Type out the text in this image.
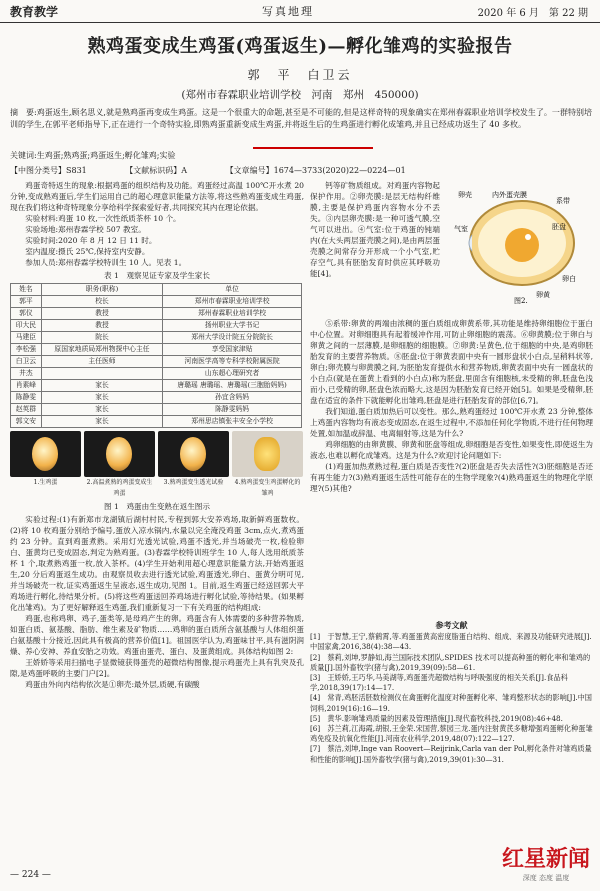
教育教学	写真地理	2020 年 6 月　第 22 期
熟鸡蛋变成生鸡蛋(鸡蛋返生)—孵化雏鸡的实验报告
郭　平　白卫云
(郑州市春霖职业培训学校　河南　郑州　450000)
摘　要:鸡蛋返生,顾名思义,就是熟鸡蛋再变成生鸡蛋。这是一个很重大的命题,甚至是不可能的,但是这样奇特的现象确实在郑州春霖职业培训学校发生了。一群特别培训的学生,在郭平老师指导下,正在进行一个奇特实验,即熟鸡蛋重新变成生鸡蛋,并将返生后的生鸡蛋进行孵化成雏鸡,并且已经成功返生了 40 多枚。
关键词:生鸡蛋;熟鸡蛋;鸡蛋返生;孵化雏鸡;实验
【中图分类号】S831	【文献标识码】A	【文章编号】1674—3733(2020)22—0224—01

鸡蛋奇特返生的现象:根据鸡蛋的组织结构及功能。鸡蛋经过高温 100℃开水煮 20 分钟,变成熟鸡蛋后,学生们运用自己的超心理意识能量方法等,将这些熟鸡蛋变成生鸡蛋,现在我们将这种奇特现象分享给科学探索爱好者,共同探究其内在理论依据。

实验材料:鸡蛋 10 枚,一次性纸质茶杯 10 个。

实验场地:郑州春霖学校 507 教室。

实验时间:2020 年 8 月 12 日 11 时。

室内温度:摄氏 25℃,保持室内安静。

参加人员:郑州春霖学校特训生 10 人。见表 1。

表 1　观察见证专家及学生家长
姓名	职务(职称)	单位
郭平	校长	郑州市春霖职业培训学校
郭仪	教授	郑州春霖职业培训学校
印大民	教授	扬州职业大学书记
马建臣	院长	郑州大学设计院五分院院长
李松强	原国家地质局郑州物探中心主任	享受国家津贴
白卫云	主任医师	河南医学高等专科学校附属医院
井杰		山东超心理研究者
肖素峰	家长	唐璐瑶 唐璐瑶、唐璐瑶(三胞胎妈妈)
陈静雯	家长	孙宜含妈妈
赵英群	家长	陈静雯妈妈
郭文安	家长	郑州思店镇张丰安全小学校
1.生鸡蛋	2.高温煮熟的鸡蛋变成生鸡蛋
3.熟鸡蛋变生透光试验	4.熟鸡蛋变生鸡蛋孵化的雏鸡
图 1　鸡蛋由生变熟在返生图示

实验过程:(1)有新郑市龙湖镇后湖村村民,专程到郭大安养鸡场,取新鲜鸡蛋数枚。(2)将 10 枚鸡蛋分别给予编号,蛋放入凉水锅内,水量以完全淹没鸡蛋 3cm,点火,煮鸡蛋约 23 分钟。直到鸡蛋煮熟。采用灯光透光试验,鸡蛋不透光,并当场破壳一枚,检验卵白、蛋黄均已变成固态,判定为熟鸡蛋。(3)春霖学校特训班学生 10 人,每人选用纸质茶杯 1 个,取煮熟鸡蛋一枚,放入茶杯。(4)学生开始利用超心理意识能量方法,开始鸡蛋返生,20 分后鸡蛋返生成功。由观察员收去进行透光试验,鸡蛋透光,卵白、蛋黄分明可见,并当场破壳一枚,证实鸡蛋返生呈液态,返生成功,见图 1。目前,返生鸡蛋已经送回郭大平鸡场进行孵化,待结果分析。(5)将这些鸡蛋送回养鸡场进行孵化试验,等待结果。(如果孵化出雏鸡)。为了更好解释返生鸡蛋,我们重新复习一下有关鸡蛋的结构组成:

鸡蛋,也称鸡卵、鸡子,蛋类等,是母鸡产生的卵。鸡蛋含有人体需要的多种营养物质,如蛋白质、氨基酸、脂肪、维生素及矿物质……鸡卵的蛋白质所含氨基酸与人体组织蛋白氨基酸十分接近,因此具有极高的营养价值[1]。祖国医学认为,鸡蛋味甘平,具有滋阴润燥、养心安神、养血安胎之功效。鸡蛋由蛋壳、蛋白、及蛋黄组成。具体结构如图 2:

王娇娇等采用扫描电子显微镜获得蛋壳的超微结构图像,提示鸡蛋壳上具有乳突及孔隙,是鸡蛋呼吸的主要门户[2]。

鸡蛋由外向内结构依次是①卵壳:最外层,质硬,有碳酸

钙等矿物质组成。对鸡蛋内容物起保护作用。②卵壳膜:是层无结构纤维膜,主要是保护鸡蛋内容物水分不丢失。③内层卵壳膜:是一种可透气膜,空气可以进出。④气室:位于鸡蛋的钝端内(在大头两层蛋壳膜之间),是由两层蛋壳膜之间常存分开形成一个小气室,贮存空气,具有胚胎发育时供应其呼吸功能[4]。

卵壳	内外蛋壳膜
气室
系带
卵白
卵黄
胚盘
图2.

⑤系带:卵黄的两端由浓稠的蛋白质组成卵黄系带,其功能是维持卵细胞位于蛋白中心位置。对卵细胞具有起着缓冲作用,可防止卵细胞的震荡。⑥卵黄膜;位于卵白与卵黄之间的一层薄膜,是卵细胞的细胞膜。⑦卵黄:呈黄色,位于细胞的中央,是鸡卵胚胎发育的主要营养物质。⑧胚盘:位于卵黄表面中央有一圆形盘状小白点,呈稍料状等,卵白;卵壳膜与卵黄膜之间,为胚胎发育提供水和营养物质,卵黄表面中央有一圆盘状的小白点(就是在蛋黄上看到的小白点)称为胚盘,里面含有细胞核,未受精的卵,胚盘色浅而小,已受精的卵,胚盘色浓而略大,这是因为胚胎发育已经开始[5]。如果是受精卵,胚盘在适宜的条件下就能孵化出雏鸡,胚盘是进行胚胎发育的部位[6,7]。

我们知道,蛋白质加热后可以变性。那么,熟鸡蛋经过 100℃开水煮 23 分钟,整体上鸡蛋内容物均有液态变成固态,在返生过程中,不添加任何化学物质,不进行任何物理处置,如加温或辞温、电离辐射等,这是为什么?

鸡卵细胞的由卵黄膜、卵黄和胚盘等组成,卵细胞是否变性,如果变性,即使返生为液态,也难以孵化成雏鸡。这是为什么?欢迎讨论问题如下:

(1)鸡蛋加热煮熟过程,蛋白质是否变性?(2)胚盘是否失去活性?(3)胚细胞是否还有再生能力?(3)熟鸡蛋返生活性可能存在的生物学现象?(4)熟鸡蛋返生的物理化学原理?(5)其他?

参考文献

[1]　于智慧,王宁,蔡鹤霄,等.鸡蛋蛋黄高密度脂蛋白结构、组成、来源及功能研究进展[J].中国家禽,2016,38(4):38—43.

[2]　蔡莉,刘坤,罗静如,海兰国际技术团队,SPIDES 技术可以提高种蛋的孵化率和雏鸡的质量[J].国外畜牧学(猪与禽),2019,39(09):58—61.

[3]　王娇娇,王巧华,马美湖等,鸡蛋蛋壳超微结构与呼吸强度的相关关系[J].食品科学,2018,39(17):14—17.

[4]　常青,鸡胚活胚数检测仪在禽蛋孵化温度对种蛋孵化率、雏鸡整形状态的影响[J].中国饲料,2019(16):16—19.

[5]　黄华.影响雏鸡质量的因素及管理措施[J].现代畜牧科技,2019(08):46+48.

[6]　苏兰莉,江海霞,胡银,王金荣.宋国营,蔡园三龙.蛋内注射黄芪多糖增强鸡蛋孵化种蛋雏鸡免疫及抗氧化性能[J].河南农业科学,2019,48(07):122—127.

[7]　蔡洁,刘坤,Inge van Roovert—Reijrink,Carla van der Pol,孵化条件对雏鸡质量和性能的影响[J].国外畜牧学(猪与禽),2019,39(01):30—31.

— 224 —
红星新闻
深度 态度 温度
